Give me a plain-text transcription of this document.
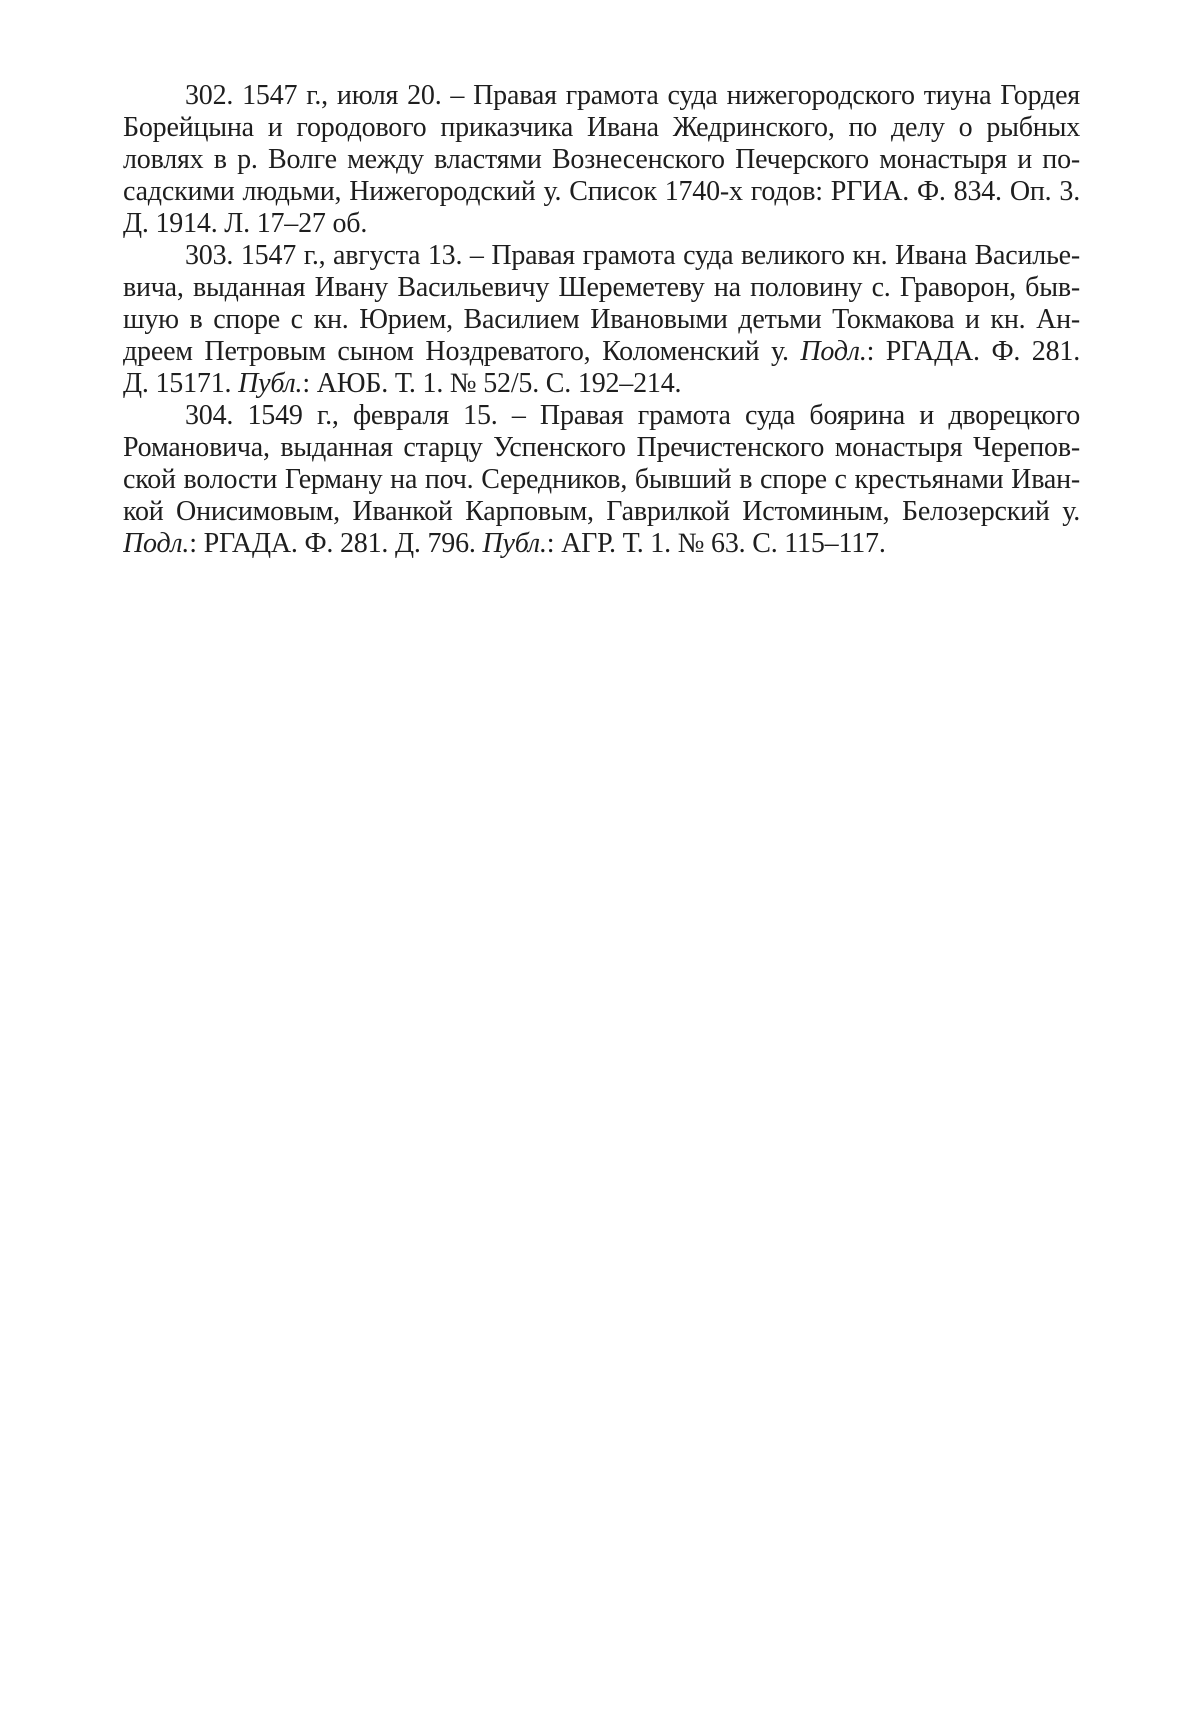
302. 1547 г., июля 20. – Правая грамота суда нижегородского тиуна Гордея
Борейцына и городового приказчика Ивана Жедринского, по делу о рыбных
ловлях в р. Волге между властями Вознесенского Печерского монастыря и по-
садскими людьми, Нижегородский у. Список 1740-х годов: РГИА. Ф. 834. Оп. 3.
Д. 1914. Л. 17–27 об.
303. 1547 г., августа 13. – Правая грамота суда великого кн. Ивана Василье-
вича, выданная Ивану Васильевичу Шереметеву на половину с. Граворон, быв-
шую в споре с кн. Юрием, Василием Ивановыми детьми Токмакова и кн. Ан-
дреем Петровым сыном Ноздреватого, Коломенский у. Подл.: РГАДА. Ф. 281.
Д. 15171. Публ.: АЮБ. Т. 1. № 52/5. С. 192–214.
304. 1549 г., февраля 15. – Правая грамота суда боярина и дворецкого
Романовича, выданная старцу Успенского Пречистенского монастыря Черепов-
ской волости Герману на поч. Середников, бывший в споре с крестьянами Иван-
кой Онисимовым, Иванкой Карповым, Гаврилкой Истоминым, Белозерский у.
Подл.: РГАДА. Ф. 281. Д. 796. Публ.: АГР. Т. 1. № 63. С. 115–117.
